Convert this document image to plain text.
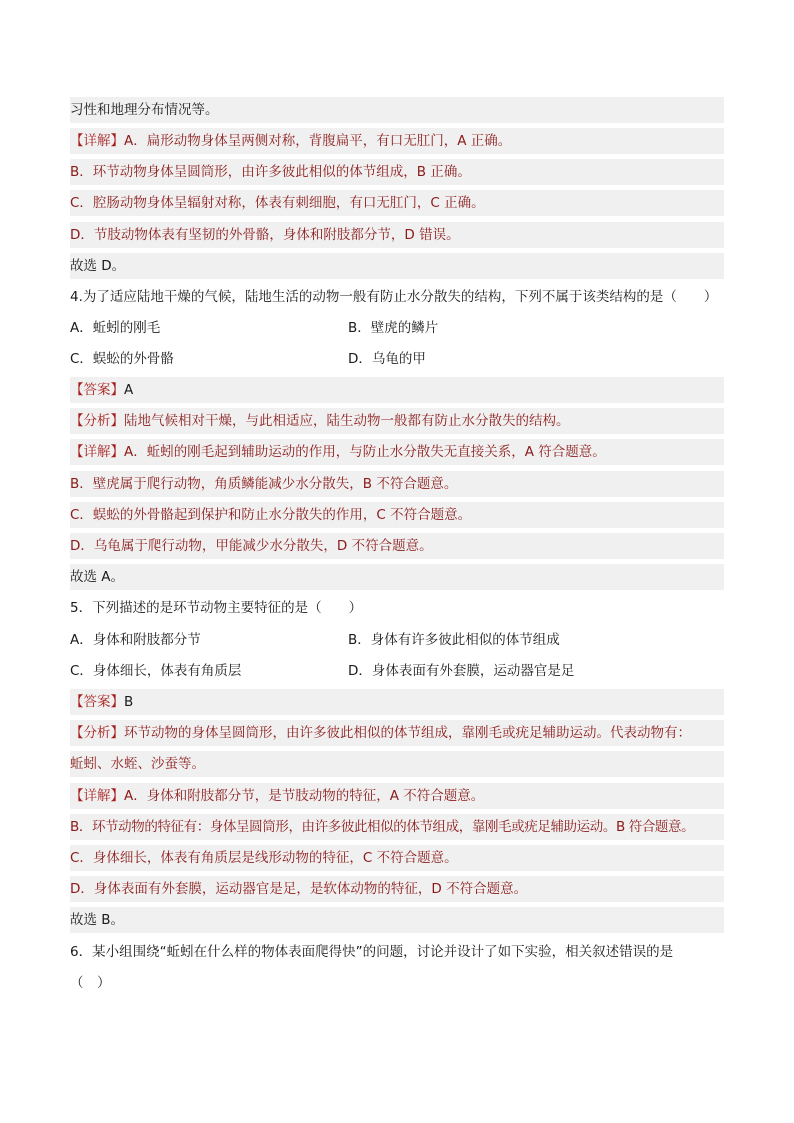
习性和地理分布情况等。
【详解】A．扁形动物身体呈两侧对称，背腹扁平，有口无肛门，A 正确。
B．环节动物身体呈圆筒形，由许多彼此相似的体节组成，B 正确。
C．腔肠动物身体呈辐射对称，体表有刺细胞，有口无肛门，C 正确。
D．节肢动物体表有坚韧的外骨骼，身体和附肢都分节，D 错误。
故选 D。
4.为了适应陆地干燥的气候，陆地生活的动物一般有防止水分散失的结构，下列不属于该类结构的是（　　）
A．蚯蚓的刚毛	B．壁虎的鳞片
C．蜈蚣的外骨骼	D．乌龟的甲
【答案】A
【分析】陆地气候相对干燥，与此相适应，陆生动物一般都有防止水分散失的结构。
【详解】A．蚯蚓的刚毛起到辅助运动的作用，与防止水分散失无直接关系，A 符合题意。
B．壁虎属于爬行动物，角质鳞能减少水分散失，B 不符合题意。
C．蜈蚣的外骨骼起到保护和防止水分散失的作用，C 不符合题意。
D．乌龟属于爬行动物，甲能减少水分散失，D 不符合题意。
故选 A。
5．下列描述的是环节动物主要特征的是（　　）
A．身体和附肢都分节	B．身体有许多彼此相似的体节组成
C．身体细长，体表有角质层	D．身体表面有外套膜，运动器官是足
【答案】B
【分析】环节动物的身体呈圆筒形，由许多彼此相似的体节组成，靠刚毛或疣足辅助运动。代表动物有：
蚯蚓、水蛭、沙蚕等。
【详解】A．身体和附肢都分节，是节肢动物的特征，A 不符合题意。
B．环节动物的特征有：身体呈圆筒形，由许多彼此相似的体节组成，靠刚毛或疣足辅助运动。B 符合题意。
C．身体细长，体表有角质层是线形动物的特征，C 不符合题意。
D．身体表面有外套膜，运动器官是足，是软体动物的特征，D 不符合题意。
故选 B。
6．某小组围绕“蚯蚓在什么样的物体表面爬得快”的问题，讨论并设计了如下实验，相关叙述错误的是
（　）
